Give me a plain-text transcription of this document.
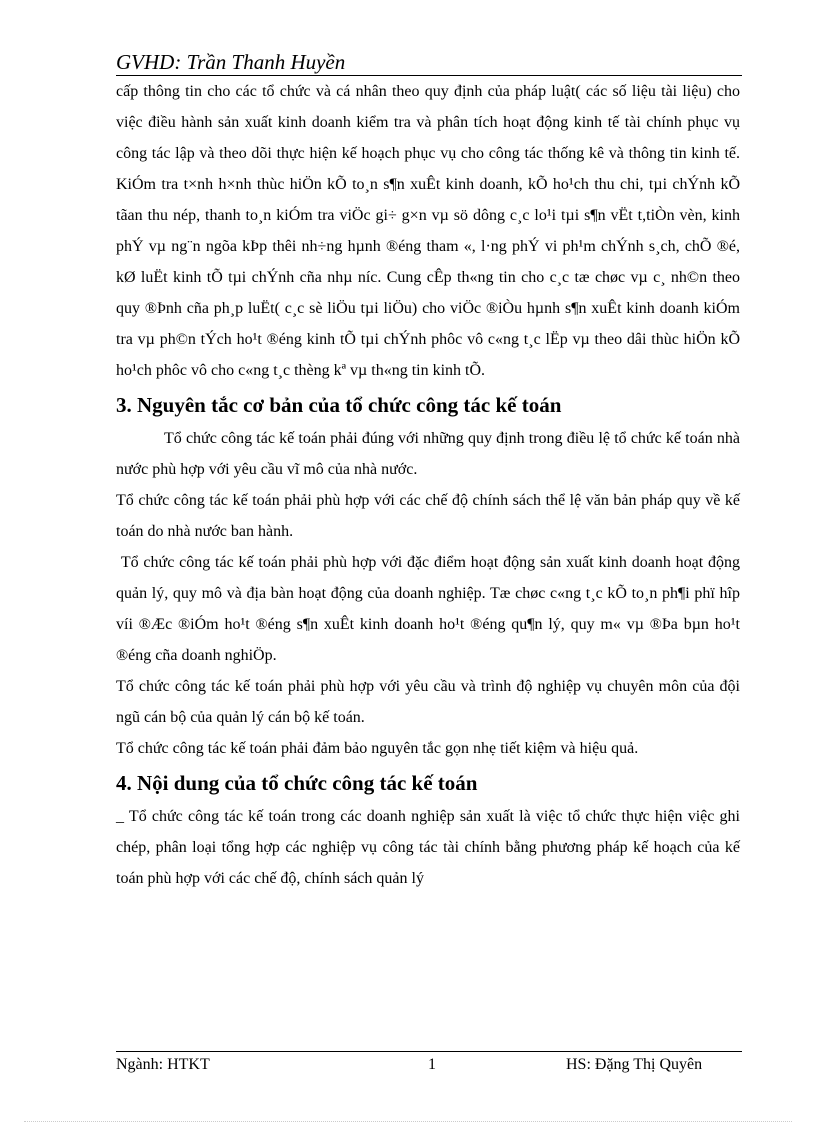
GVHD: Trần Thanh Huyền

cấp thông tin cho các tổ chức và cá nhân theo quy định của pháp luật( các số liệu tài liệu) cho việc điều hành sản xuất kinh doanh kiểm tra và phân tích hoạt động kinh tế tài chính phục vụ công tác lập và theo dõi thực hiện kế hoạch phục vụ cho công tác thống kê và thông tin kinh tế. KiÓm tra t×nh h×nh thùc hiÖn kÕ to¸n s¶n xuÊt kinh doanh, kÕ ho¹ch thu chi, tµi chÝnh kÕ tãan thu nép, thanh to¸n kiÓm tra viÖc gi÷ g×n vµ sö dông c¸c lo¹i tµi s¶n vËt t,tiÒn vèn, kinh phÝ vµ ng¨n ngõa kÞp thêi nh÷ng hµnh ®éng tham «, l·ng phÝ vi ph¹m chÝnh s¸ch, chÕ ®é, kØ luËt kinh tÕ tµi chÝnh cña nhµ níc. Cung cÊp th«ng tin cho c¸c tæ chøc vµ c¸ nh©n theo quy ®Þnh cña ph¸p luËt( c¸c sè liÖu tµi liÖu) cho viÖc ®iÒu hµnh s¶n xuÊt kinh doanh kiÓm tra vµ ph©n tÝch ho¹t ®éng kinh tÕ tµi chÝnh phôc vô c«ng t¸c lËp vµ theo dâi thùc hiÖn kÕ ho¹ch phôc vô cho c«ng t¸c thèng kª vµ th«ng tin kinh tÕ.

3. Nguyên tắc cơ bản của tổ chức công tác kế toán

Tổ chức công tác kế toán phải đúng với những quy định trong điều lệ tổ chức kế toán nhà nước phù hợp với yêu cầu vĩ mô của nhà nước.

Tổ chức công tác kế toán phải phù hợp với các chế độ chính sách thể lệ văn bản pháp quy về kế toán do nhà nước ban hành.

Tổ chức công tác kế toán phải phù hợp với đặc điểm hoạt động sản xuất kinh doanh hoạt động quản lý, quy mô và địa bàn hoạt động của doanh nghiệp. Tæ chøc c«ng t¸c kÕ to¸n ph¶i phï hîp víi ®Æc ®iÓm ho¹t ®éng s¶n xuÊt kinh doanh ho¹t ®éng qu¶n lý, quy m« vµ ®Þa bµn ho¹t ®éng cña doanh nghiÖp.

Tổ chức công tác kế toán phải phù hợp với yêu cầu và trình độ nghiệp vụ chuyên môn của đội ngũ cán bộ của quản lý cán bộ kế toán.

Tổ chức công tác kế toán phải đảm bảo nguyên tắc gọn nhẹ tiết kiệm và hiệu quả.

4. Nội dung của tổ chức công tác kế toán

_ Tổ chức công tác kế toán trong các doanh nghiệp sản xuất là việc tổ chức thực hiện việc ghi chép, phân loại tổng hợp các nghiệp vụ công tác tài chính bằng phương pháp kế hoạch của kế toán phù hợp với các chế độ, chính sách quản lý

Ngành: HTKT	1	HS: Đặng Thị Quyên
